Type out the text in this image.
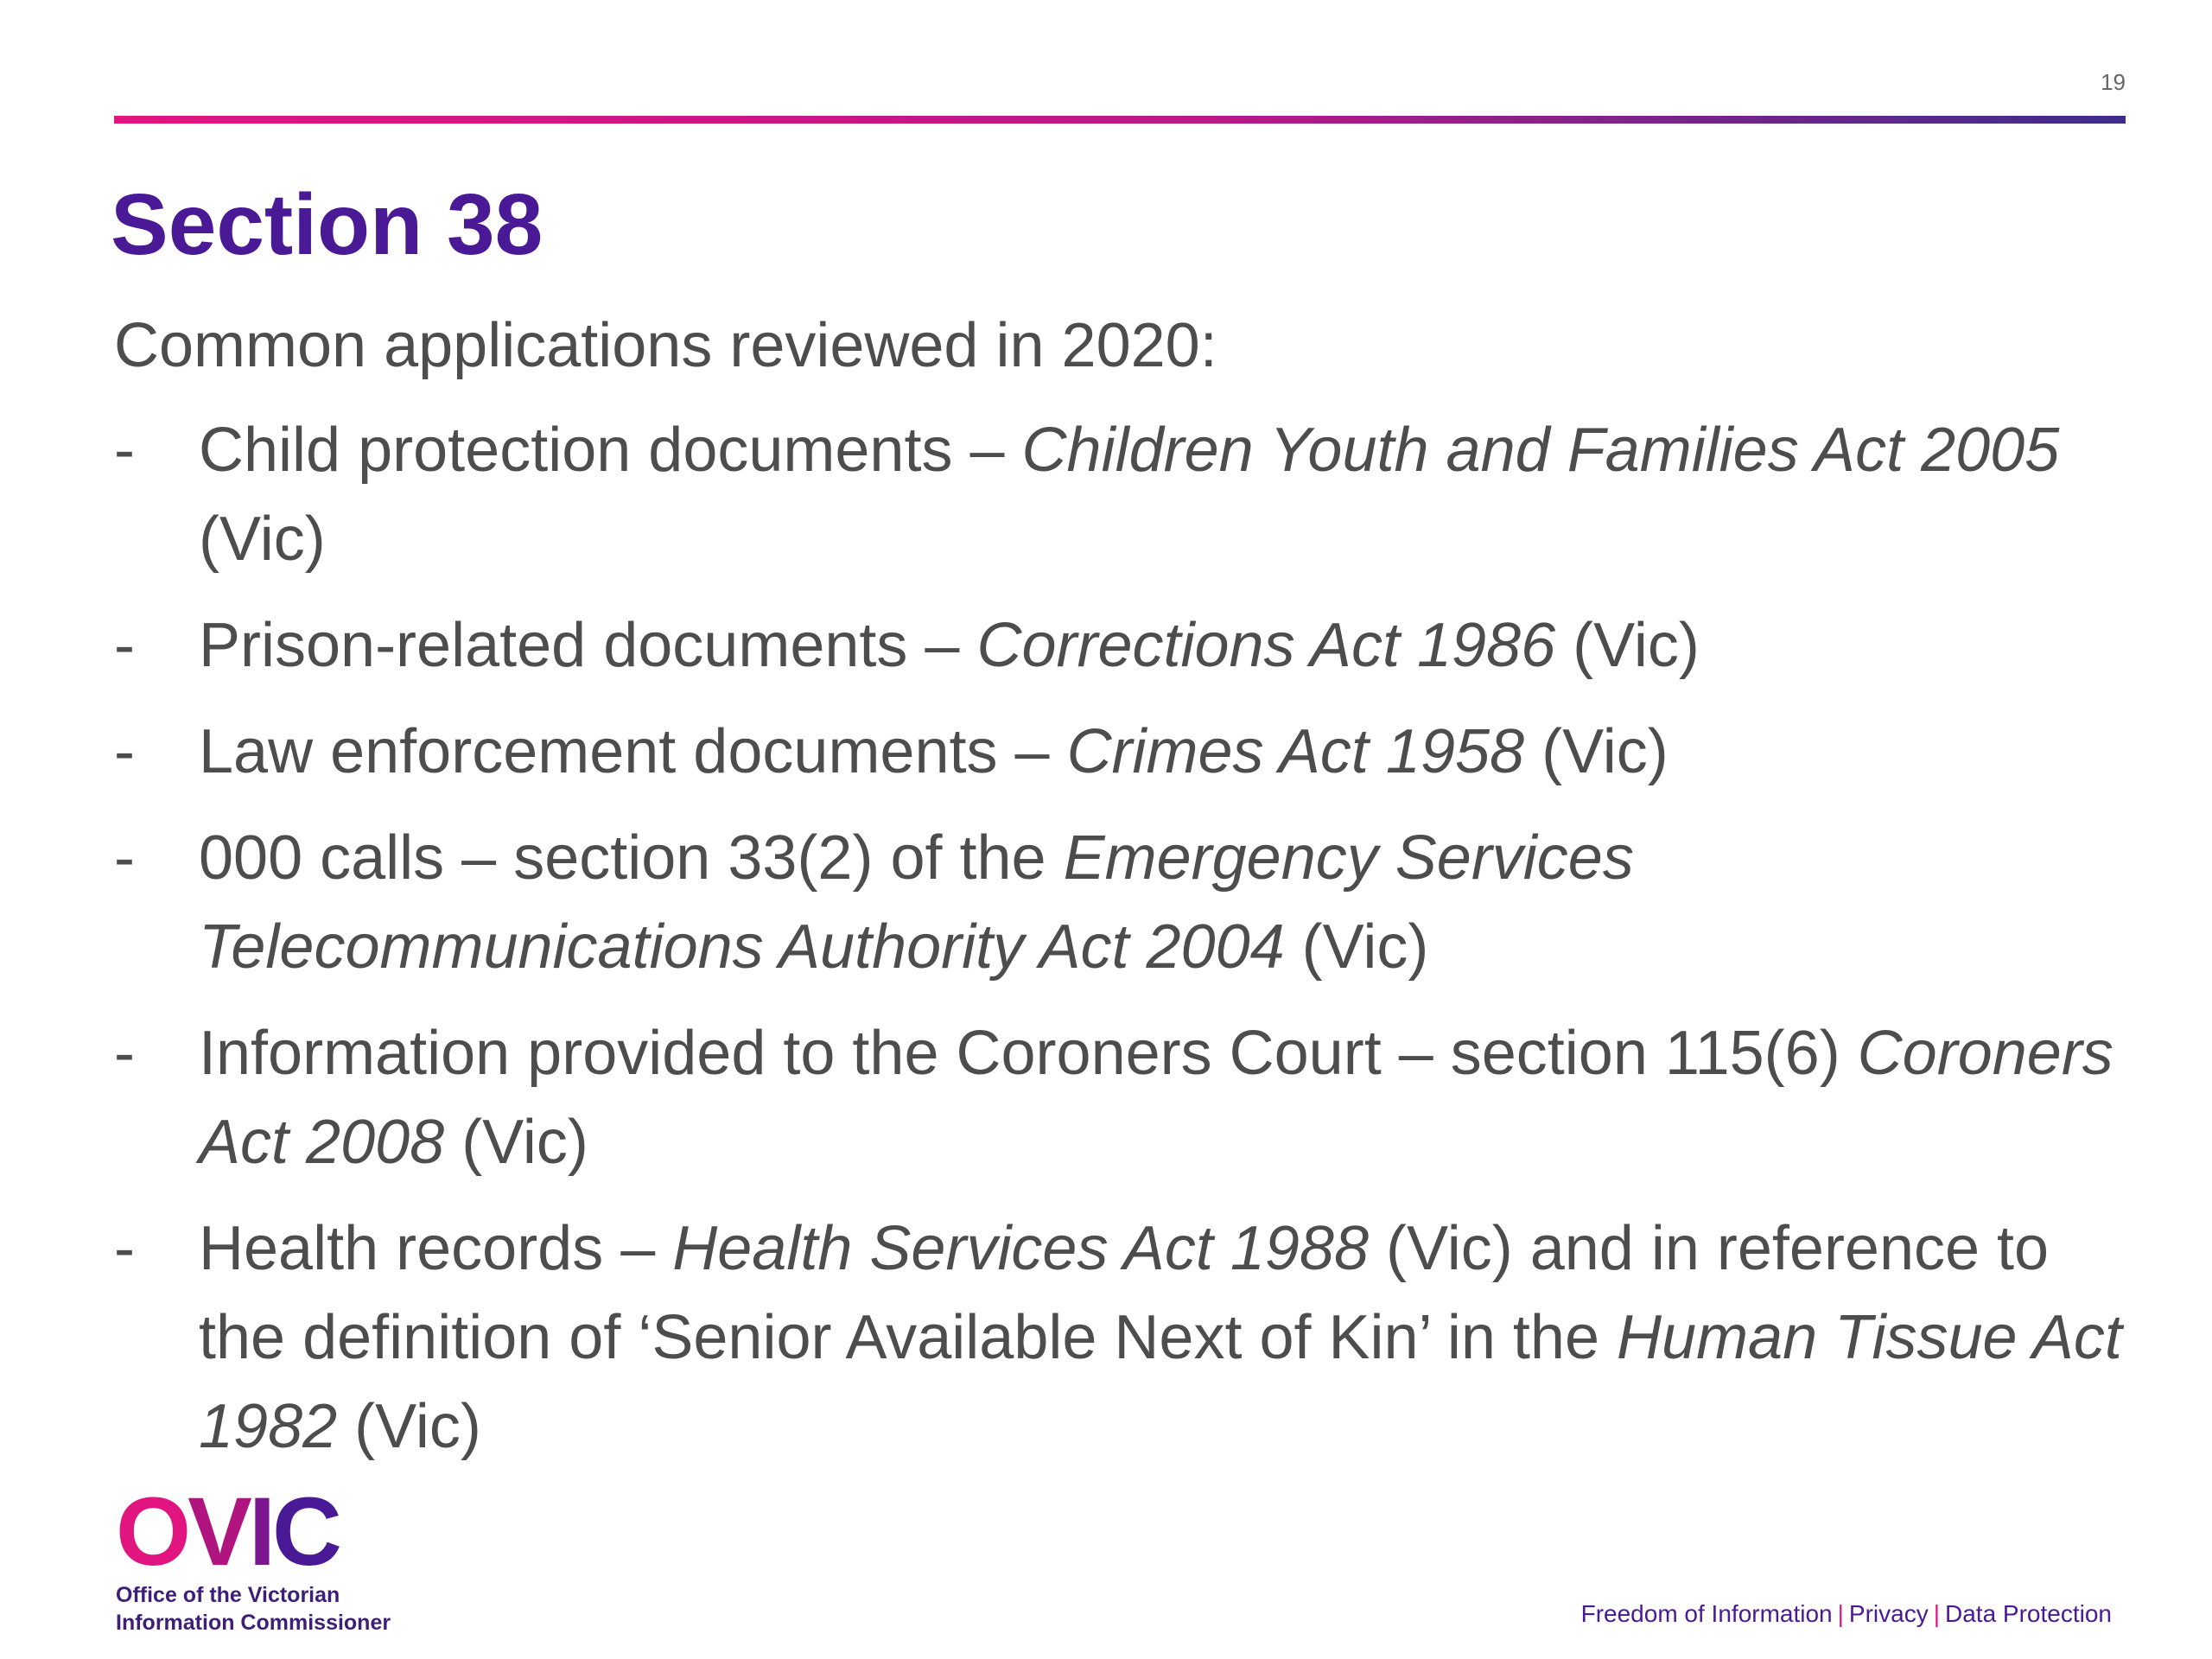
19
Section 38
Common applications reviewed in 2020:
- Child protection documents – Children Youth and Families Act 2005 (Vic)
- Prison-related documents – Corrections Act 1986 (Vic)
- Law enforcement documents – Crimes Act 1958 (Vic)
- 000 calls – section 33(2) of the Emergency Services Telecommunications Authority Act 2004 (Vic)
- Information provided to the Coroners Court – section 115(6) Coroners Act 2008 (Vic)
- Health records – Health Services Act 1988 (Vic) and in reference to the definition of ‘Senior Available Next of Kin’ in the Human Tissue Act 1982 (Vic)
OVIC
Office of the Victorian
Information Commissioner	Freedom of Information | Privacy | Data Protection
